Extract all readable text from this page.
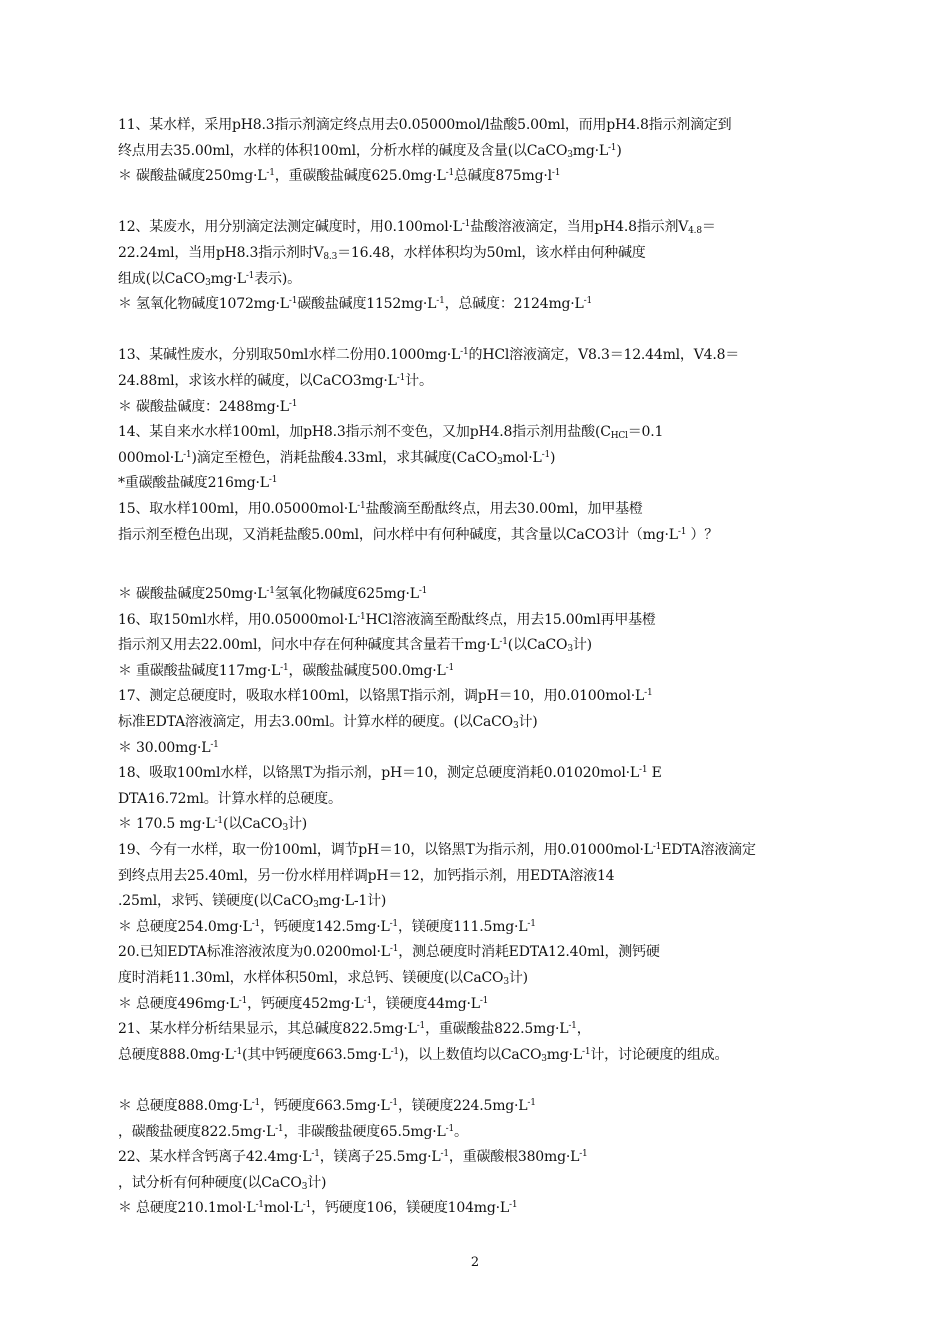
11、某水样，采用pH8.3指示剂滴定终点用去0.05000mol/l盐酸5.00ml，而用pH4.8指示剂滴定到
终点用去35.00ml，水样的体积100ml，分析水样的碱度及含量(以$CaCO_3mg\cdot L^{-1}$)
＊ 碳酸盐碱度$250mg\cdot L^{-1}$，重碳酸盐碱度$625.0mg\cdot L^{-1}$总碱度$875mg\cdot l^{-1}$
12、某废水，用分别滴定法测定碱度时，用$0.100mol\cdot L^{-1}$盐酸溶液滴定，当用pH4.8指示剂$V_{4.8}=$
22.24ml，当用pH8.3指示剂时$V_{8.3}=16.48$，水样体积均为50ml，该水样由何种碱度
组成(以$CaCO_3mg\cdot L^{-1}$表示)。
＊ 氢氧化物碱度$1072mg\cdot L^{-1}$碳酸盐碱度$1152mg\cdot L^{-1}$，总碱度：$2124mg\cdot L^{-1}$
13、某碱性废水，分别取50ml水样二份用$0.1000mg\cdot L^{-1}$的HCl溶液滴定，V8.3＝12.44ml，V4.8＝
24.88ml，求该水样的碱度，以$CaCO3mg\cdot L^{-1}$计。
＊ 碳酸盐碱度：$2488mg\cdot L^{-1}$
14、某自来水水样100ml，加pH8.3指示剂不变色，又加pH4.8指示剂用盐酸($C_{HCl}=0.1$
$000mol\cdot L^{-1}$)滴定至橙色，消耗盐酸4.33ml，求其碱度$(CaCO_3mol\cdot L^{-1})$
*重碳酸盐碱度$216mg\cdot L^{-1}$
15、取水样100ml，用$0.05000mol\cdot L^{-1}$盐酸滴至酚酞终点，用去30.00ml，加甲基橙
指示剂至橙色出现，又消耗盐酸5.00ml，问水样中有何种碱度，其含量以CaCO3计（$mg\cdot L^{-1}$ ）？
＊ 碳酸盐碱度$250mg\cdot L^{-1}$氢氧化物碱度$625mg\cdot L^{-1}$
16、取150ml水样，用$0.05000mol\cdot L^{-1}HCl$溶液滴至酚酞终点，用去15.00ml再甲基橙
指示剂又用去22.00ml，问水中存在何种碱度其含量若干$mg\cdot L^{-1}$(以CaCO$_3$计)
＊ 重碳酸盐碱度$117mg\cdot L^{-1}$，碳酸盐碱度$500.0mg\cdot L^{-1}$
17、测定总硬度时，吸取水样100ml，以铬黑T指示剂，调pH＝10，用$0.0100mol\cdot L^{-1}$
标准EDTA溶液滴定，用去3.00ml。计算水样的硬度。(以CaCO$_3$计)
＊ $30.00mg\cdot L^{-1}$
18、吸取100ml水样，以铬黑T为指示剂，pH＝10，测定总硬度消耗$0.01020mol\cdot L^{-1}$ E
DTA16.72ml。计算水样的总硬度。
＊ 170.5 $mg\cdot L^{-1}$(以CaCO$_3$计)
19、今有一水样，取一份100ml，调节pH＝10，以铬黑T为指示剂，用$0.01000mol\cdot L^{-1}EDTA$溶液滴定
到终点用去25.40ml，另一份水样用样调pH＝12，加钙指示剂，用EDTA溶液14
.25ml，求钙、镁硬度(以CaCO$_3$mg·L-1计)
＊ 总硬度$254.0mg\cdot L^{-1}$，钙硬度$142.5mg\cdot L^{-1}$，镁硬度$111.5mg\cdot L^{-1}$
20.已知EDTA标准溶液浓度为$0.0200mol\cdot L^{-1}$，测总硬度时消耗EDTA12.40ml，测钙硬
度时消耗11.30ml，水样体积50ml，求总钙、镁硬度(以CaCO$_3$计)
＊ 总硬度$496mg\cdot L^{-1}$，钙硬度$452mg\cdot L^{-1}$，镁硬度$44mg\cdot L^{-1}$
21、某水样分析结果显示，其总碱度$822.5mg\cdot L^{-1}$，重碳酸盐$822.5mg\cdot L^{-1}$，
总硬度$888.0mg\cdot L^{-1}$(其中钙硬度$663.5mg\cdot L^{-1}$)，以上数值均以$CaCO_3mg\cdot L^{-1}$计，讨论硬度的组成。
＊ 总硬度$888.0mg\cdot L^{-1}$，钙硬度$663.5mg\cdot L^{-1}$，镁硬度$224.5mg\cdot L^{-1}$
，碳酸盐硬度$822.5mg\cdot L^{-1}$，非碳酸盐硬度$65.5mg\cdot L^{-1}$。
22、某水样含钙离子$42.4mg\cdot L^{-1}$，镁离子$25.5mg\cdot L^{-1}$，重碳酸根$380mg\cdot L^{-1}$
，试分析有何种硬度(以CaCO$_3$计)
＊ 总硬度$210.1mol\cdot L^{-1}mol\cdot L^{-1}$，钙硬度106，镁硬度$104mg\cdot L^{-1}$
2
